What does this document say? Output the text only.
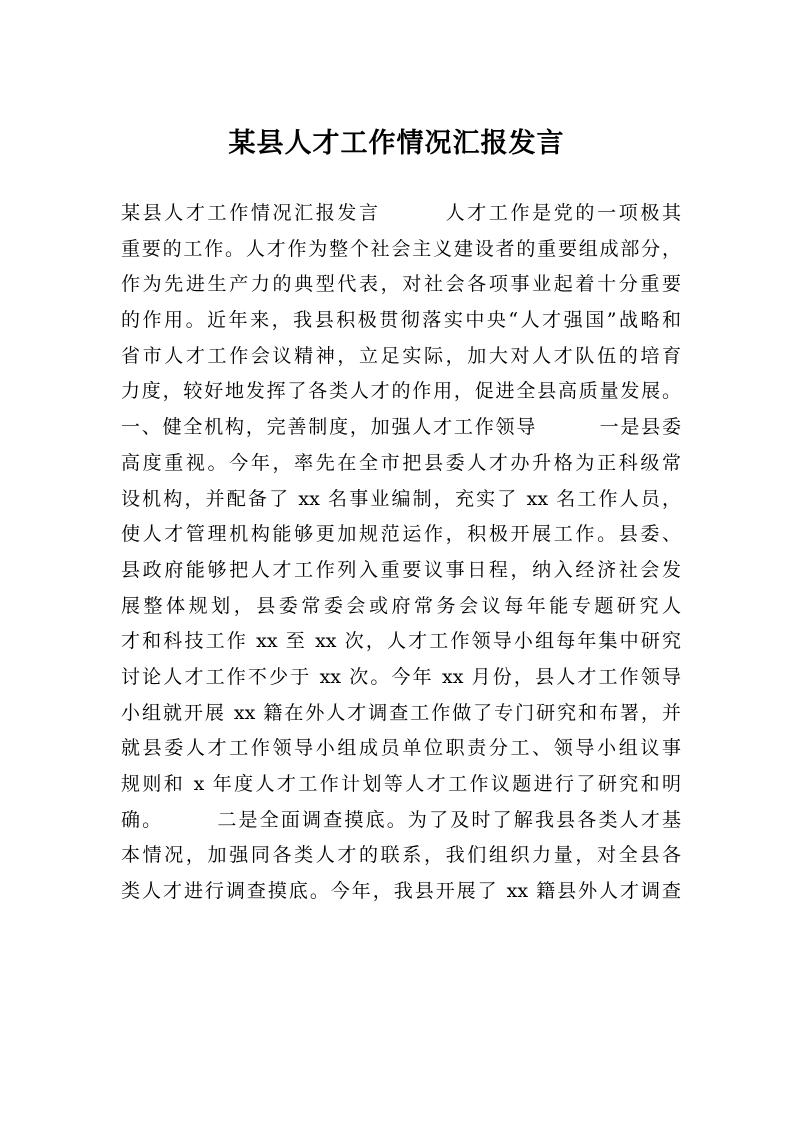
某县人才工作情况汇报发言
某县人才工作情况汇报发言　　　人才工作是党的一项极其
重要的工作。人才作为整个社会主义建设者的重要组成部分，
作为先进生产力的典型代表，对社会各项事业起着十分重要
的作用。近年来，我县积极贯彻落实中央“人才强国”战略和
省市人才工作会议精神，立足实际，加大对人才队伍的培育
力度，较好地发挥了各类人才的作用，促进全县高质量发展。
一、健全机构，完善制度，加强人才工作领导　　　一是县委
高度重视。今年，率先在全市把县委人才办升格为正科级常
设机构，并配备了 xx 名事业编制，充实了 xx 名工作人员，
使人才管理机构能够更加规范运作，积极开展工作。县委、
县政府能够把人才工作列入重要议事日程，纳入经济社会发
展整体规划，县委常委会或府常务会议每年能专题研究人
才和科技工作 xx 至 xx 次，人才工作领导小组每年集中研究
讨论人才工作不少于 xx 次。今年 xx 月份，县人才工作领导
小组就开展 xx 籍在外人才调查工作做了专门研究和布署，并
就县委人才工作领导小组成员单位职责分工、领导小组议事
规则和 x 年度人才工作计划等人才工作议题进行了研究和明
确。　　　二是全面调查摸底。为了及时了解我县各类人才基
本情况，加强同各类人才的联系，我们组织力量，对全县各
类人才进行调查摸底。今年，我县开展了 xx 籍县外人才调查
